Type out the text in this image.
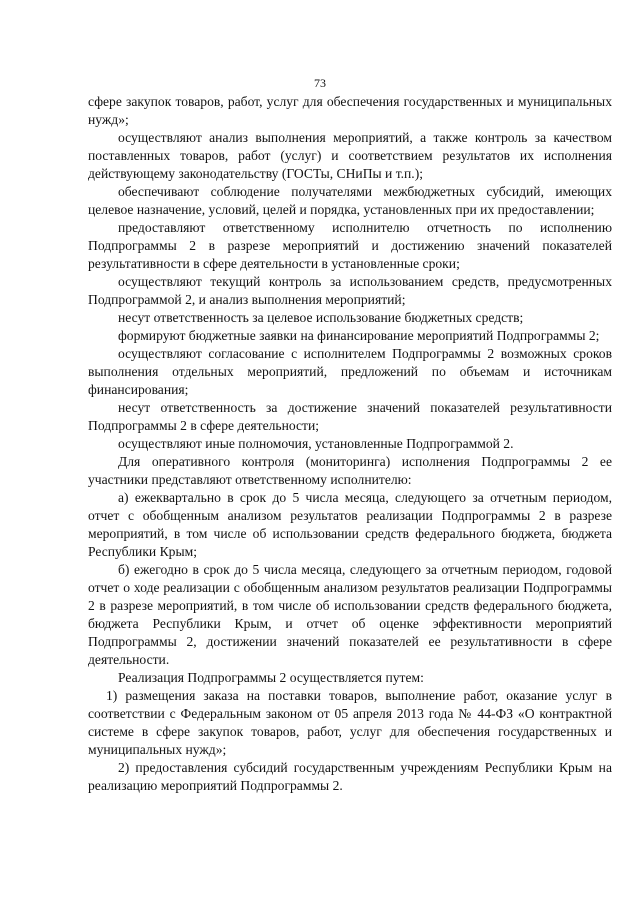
73

сфере закупок товаров, работ, услуг для обеспечения государственных и муниципальных нужд»;

осуществляют анализ выполнения мероприятий, а также контроль за качеством поставленных товаров, работ (услуг) и соответствием результатов их исполнения действующему законодательству (ГОСТы, СНиПы и т.п.);

обеспечивают соблюдение получателями межбюджетных субсидий, имеющих целевое назначение, условий, целей и порядка, установленных при их предоставлении;

предоставляют ответственному исполнителю отчетность по исполнению Подпрограммы 2 в разрезе мероприятий и достижению значений показателей результативности в сфере деятельности в установленные сроки;

осуществляют текущий контроль за использованием средств, предусмотренных Подпрограммой 2, и анализ выполнения мероприятий;

несут ответственность за целевое использование бюджетных средств;

формируют бюджетные заявки на финансирование мероприятий Подпрограммы 2;

осуществляют согласование с исполнителем Подпрограммы 2 возможных сроков выполнения отдельных мероприятий, предложений по объемам и источникам финансирования;

несут ответственность за достижение значений показателей результативности Подпрограммы 2 в сфере деятельности;

осуществляют иные полномочия, установленные Подпрограммой 2.

Для оперативного контроля (мониторинга) исполнения Подпрограммы 2 ее участники представляют ответственному исполнителю:

а) ежеквартально в срок до 5 числа месяца, следующего за отчетным периодом, отчет с обобщенным анализом результатов реализации Подпрограммы 2 в разрезе мероприятий, в том числе об использовании средств федерального бюджета, бюджета Республики Крым;

б) ежегодно в срок до 5 числа месяца, следующего за отчетным периодом, годовой отчет о ходе реализации с обобщенным анализом результатов реализации Подпрограммы 2 в разрезе мероприятий, в том числе об использовании средств федерального бюджета, бюджета Республики Крым, и отчет об оценке эффективности мероприятий Подпрограммы 2, достижении значений показателей ее результативности в сфере деятельности.

Реализация Подпрограммы 2 осуществляется путем:

1) размещения заказа на поставки товаров, выполнение работ, оказание услуг в соответствии с Федеральным законом от 05 апреля 2013 года № 44-ФЗ «О контрактной системе в сфере закупок товаров, работ, услуг для обеспечения государственных и муниципальных нужд»;

2) предоставления субсидий государственным учреждениям Республики Крым на реализацию мероприятий Подпрограммы 2.
